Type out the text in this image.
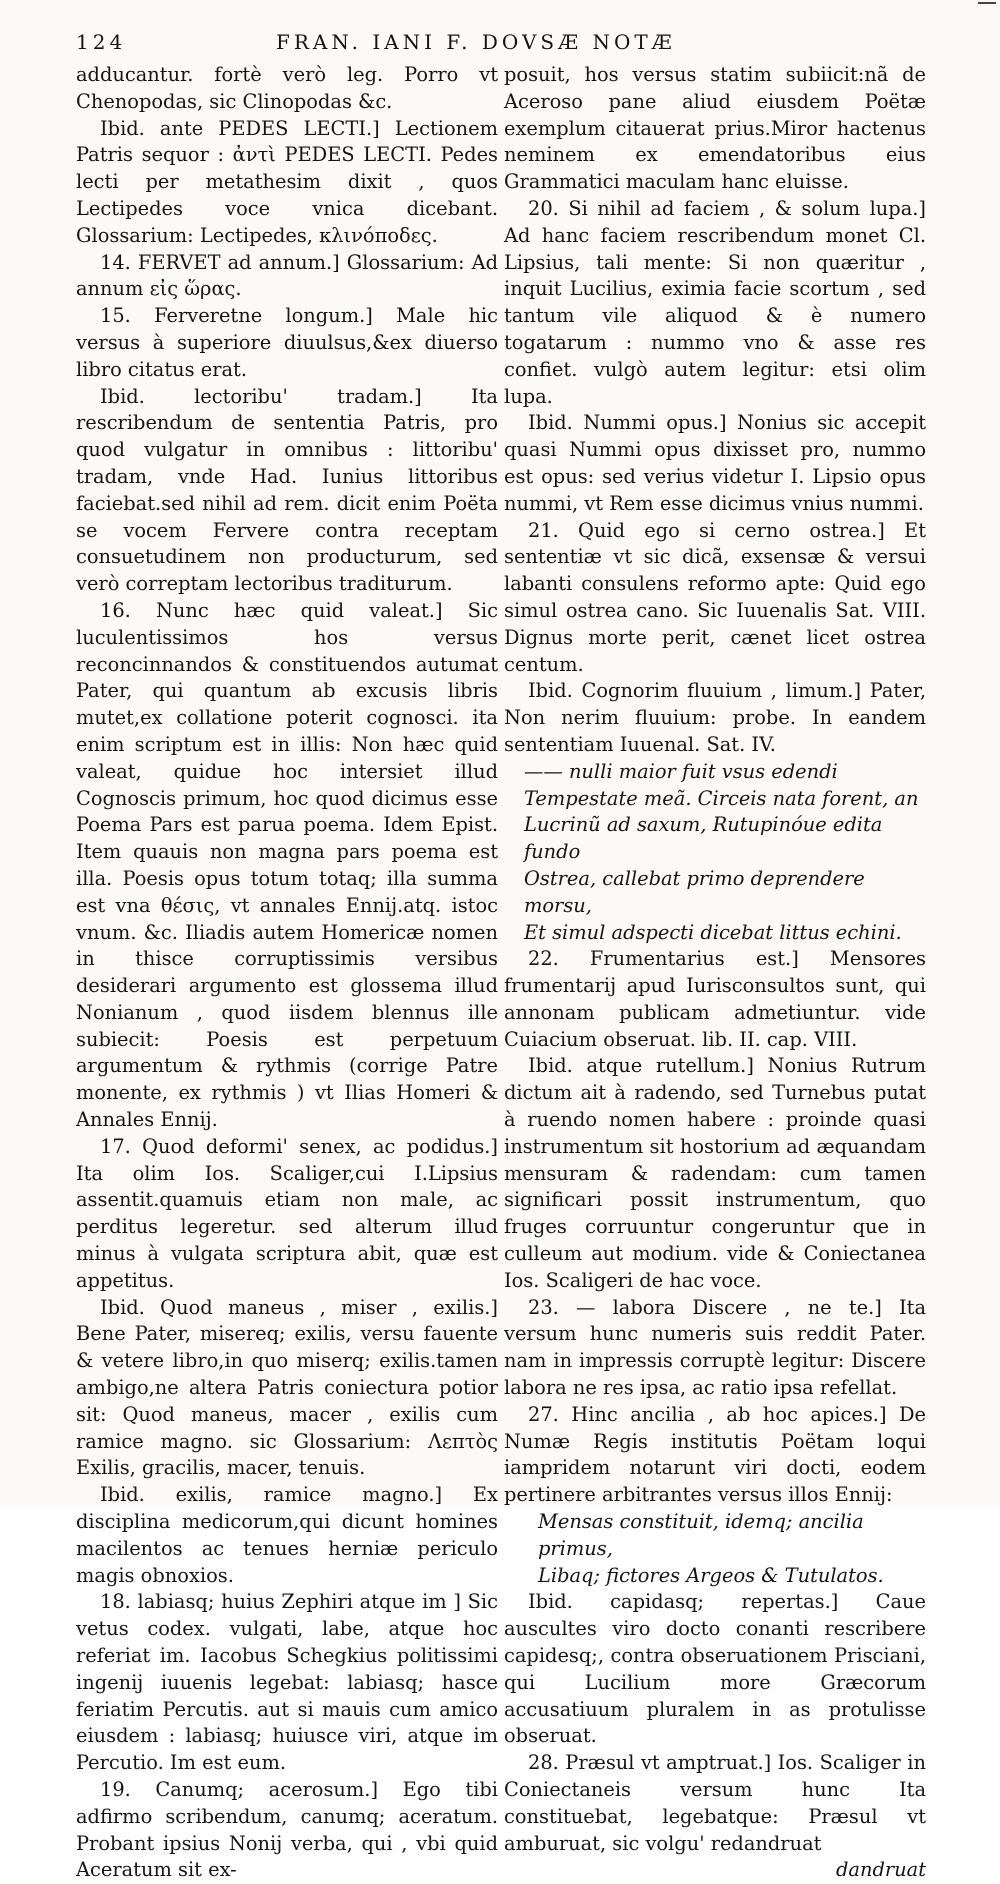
124	FRAN. IANI F. DOVSÆ NOTÆ

adducantur. fortè verò leg. Porro vt Chenopodas, sic Clinopodas &c.

Ibid. ante PEDES LECTI.] Lectionem Patris sequor : ἀντὶ PEDES LECTI. Pedes lecti per metathesim dixit , quos Lectipedes voce vnica dicebant. Glossarium: Lectipedes, κλινόποδες.

14. FERVET ad annum.] Glossarium: Ad annum εἰς ὥρας.

15. Ferveretne longum.] Male hic versus à superiore diuulsus,&ex diuerso libro citatus erat.

Ibid. lectoribu' tradam.] Ita rescribendum de sententia Patris, pro quod vulgatur in omnibus : littoribu' tradam, vnde Had. Iunius littoribus faciebat.sed nihil ad rem. dicit enim Poëta se vocem Fervere contra receptam consuetudinem non producturum, sed verò correptam lectoribus traditurum.

16. Nunc hæc quid valeat.] Sic luculentissimos hos versus reconcinnandos & constituendos autumat Pater, qui quantum ab excusis libris mutet,ex collatione poterit cognosci. ita enim scriptum est in illis: Non hæc quid valeat, quidue hoc intersiet illud Cognoscis primum, hoc quod dicimus esse Poema Pars est parua poema. Idem Epist. Item quauis non magna pars poema est illa. Poesis opus totum totaq; illa summa est vna θέσις, vt annales Ennij.atq. istoc vnum. &c. Iliadis autem Homericæ nomen in thisce corruptissimis versibus desiderari argumento est glossema illud Nonianum , quod iisdem blennus ille subiecit: Poesis est perpetuum argumentum & rythmis (corrige Patre monente, ex rythmis ) vt Ilias Homeri & Annales Ennij.

17. Quod deformi' senex, ac podidus.] Ita olim Ios. Scaliger,cui I.Lipsius assentit.quamuis etiam non male, ac perditus legeretur. sed alterum illud minus à vulgata scriptura abit, quæ est appetitus.

Ibid. Quod maneus , miser , exilis.] Bene Pater, misereq; exilis, versu fauente & vetere libro,in quo miserq; exilis.tamen ambigo,ne altera Patris coniectura potior sit: Quod maneus, macer , exilis cum ramice magno. sic Glossarium: Λεπτὸς Exilis, gracilis, macer, tenuis.

Ibid. exilis, ramice magno.] Ex disciplina medicorum,qui dicunt homines macilentos ac tenues herniæ periculo magis obnoxios.

18. labiasq; huius Zephiri atque im ] Sic vetus codex. vulgati, labe, atque hoc referiat im. Iacobus Schegkius politissimi ingenij iuuenis legebat: labiasq; hasce feriatim Percutis. aut si mauis cum amico eiusdem : labiasq; huiusce viri, atque im Percutio. Im est eum.

19. Canumq; acerosum.] Ego tibi adfirmo scribendum, canumq; aceratum. Probant ipsius Nonij verba, qui , vbi quid Aceratum sit ex-

posuit, hos versus statim subiicit:nã de Aceroso pane aliud eiusdem Poëtæ exemplum citauerat prius.Miror hactenus neminem ex emendatoribus eius Grammatici maculam hanc eluisse.

20. Si nihil ad faciem , & solum lupa.] Ad hanc faciem rescribendum monet Cl. Lipsius, tali mente: Si non quæritur , inquit Lucilius, eximia facie scortum , sed tantum vile aliquod & è numero togatarum : nummo vno & asse res confiet. vulgò autem legitur: etsi olim lupa.

Ibid. Nummi opus.] Nonius sic accepit quasi Nummi opus dixisset pro, nummo est opus: sed verius videtur I. Lipsio opus nummi, vt Rem esse dicimus vnius nummi.

21. Quid ego si cerno ostrea.] Et sententiæ vt sic dicã, exsensæ & versui labanti consulens reformo apte: Quid ego simul ostrea cano. Sic Iuuenalis Sat. VIII. Dignus morte perit, cænet licet ostrea centum.

Ibid. Cognorim fluuium , limum.] Pater, Non nerim fluuium: probe. In eandem sententiam Iuuenal. Sat. IV.

—— nulli maior fuit vsus edendi

Tempestate meã. Circeis nata forent, an

Lucrinũ ad saxum, Rutupinóue edita fundo

Ostrea, callebat primo deprendere morsu,

Et simul adspecti dicebat littus echini.

22. Frumentarius est.] Mensores frumentarij apud Iurisconsultos sunt, qui annonam publicam admetiuntur. vide Cuiacium obseruat. lib. II. cap. VIII.

Ibid. atque rutellum.] Nonius Rutrum dictum ait à radendo, sed Turnebus putat à ruendo nomen habere : proinde quasi instrumentum sit hostorium ad æquandam mensuram & radendam: cum tamen significari possit instrumentum, quo fruges corruuntur congeruntur que in culleum aut modium. vide & Coniectanea Ios. Scaligeri de hac voce.

23. — labora Discere , ne te.] Ita versum hunc numeris suis reddit Pater. nam in impressis corruptè legitur: Discere labora ne res ipsa, ac ratio ipsa refellat.

27. Hinc ancilia , ab hoc apices.] De Numæ Regis institutis Poëtam loqui iampridem notarunt viri docti, eodem pertinere arbitrantes versus illos Ennij:

Mensas constituit, idemq; ancilia primus,

Libaq; fictores Argeos & Tutulatos.

Ibid. capidasq; repertas.] Caue auscultes viro docto conanti rescribere capidesq;, contra obseruationem Prisciani, qui Lucilium more Græcorum accusatiuum pluralem in as protulisse obseruat.

28. Præsul vt amptruat.] Ios. Scaliger in Coniectaneis versum hunc Ita constituebat, legebatque: Præsul vt amburuat, sic volgu' redandruat

dandruat
